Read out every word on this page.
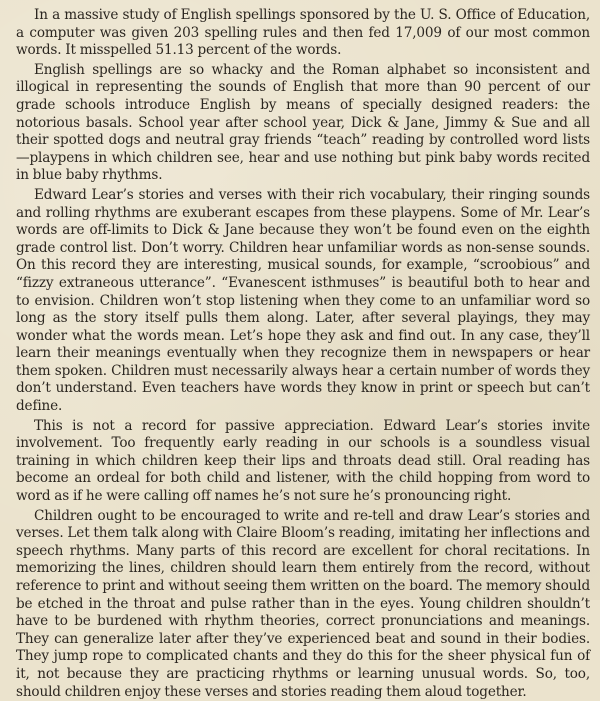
In a massive study of English spellings sponsored by the U. S. Office of Education, a computer was given 203 spelling rules and then fed 17,009 of our most common words. It misspelled 51.13 percent of the words.

English spellings are so whacky and the Roman alphabet so inconsistent and illogical in representing the sounds of English that more than 90 percent of our grade schools introduce English by means of specially designed readers: the notorious basals. School year after school year, Dick & Jane, Jimmy & Sue and all their spotted dogs and neutral gray friends “teach” reading by controlled word lists—playpens in which children see, hear and use nothing but pink baby words recited in blue baby rhythms.

Edward Lear’s stories and verses with their rich vocabulary, their ringing sounds and rolling rhythms are exuberant escapes from these playpens. Some of Mr. Lear’s words are off-limits to Dick & Jane because they won’t be found even on the eighth grade control list. Don’t worry. Children hear unfamiliar words as non-sense sounds. On this record they are interesting, musical sounds, for example, “scroobious” and “fizzy extraneous utterance”. “Evanescent isthmuses” is beautiful both to hear and to envision. Children won’t stop listening when they come to an unfamiliar word so long as the story itself pulls them along. Later, after several playings, they may wonder what the words mean. Let’s hope they ask and find out. In any case, they’ll learn their meanings eventually when they recognize them in newspapers or hear them spoken. Children must necessarily always hear a certain number of words they don’t understand. Even teachers have words they know in print or speech but can’t define.

This is not a record for passive appreciation. Edward Lear’s stories invite involvement. Too frequently early reading in our schools is a soundless visual training in which children keep their lips and throats dead still. Oral reading has become an ordeal for both child and listener, with the child hopping from word to word as if he were calling off names he’s not sure he’s pronouncing right.

Children ought to be encouraged to write and re-tell and draw Lear’s stories and verses. Let them talk along with Claire Bloom’s reading, imitating her inflections and speech rhythms. Many parts of this record are excellent for choral recitations. In memorizing the lines, children should learn them entirely from the record, without reference to print and without seeing them written on the board. The memory should be etched in the throat and pulse rather than in the eyes. Young children shouldn’t have to be burdened with rhythm theories, correct pronunciations and meanings. They can generalize later after they’ve experienced beat and sound in their bodies. They jump rope to complicated chants and they do this for the sheer physical fun of it, not because they are practicing rhythms or learning unusual words. So, too, should children enjoy these verses and stories reading them aloud together.
